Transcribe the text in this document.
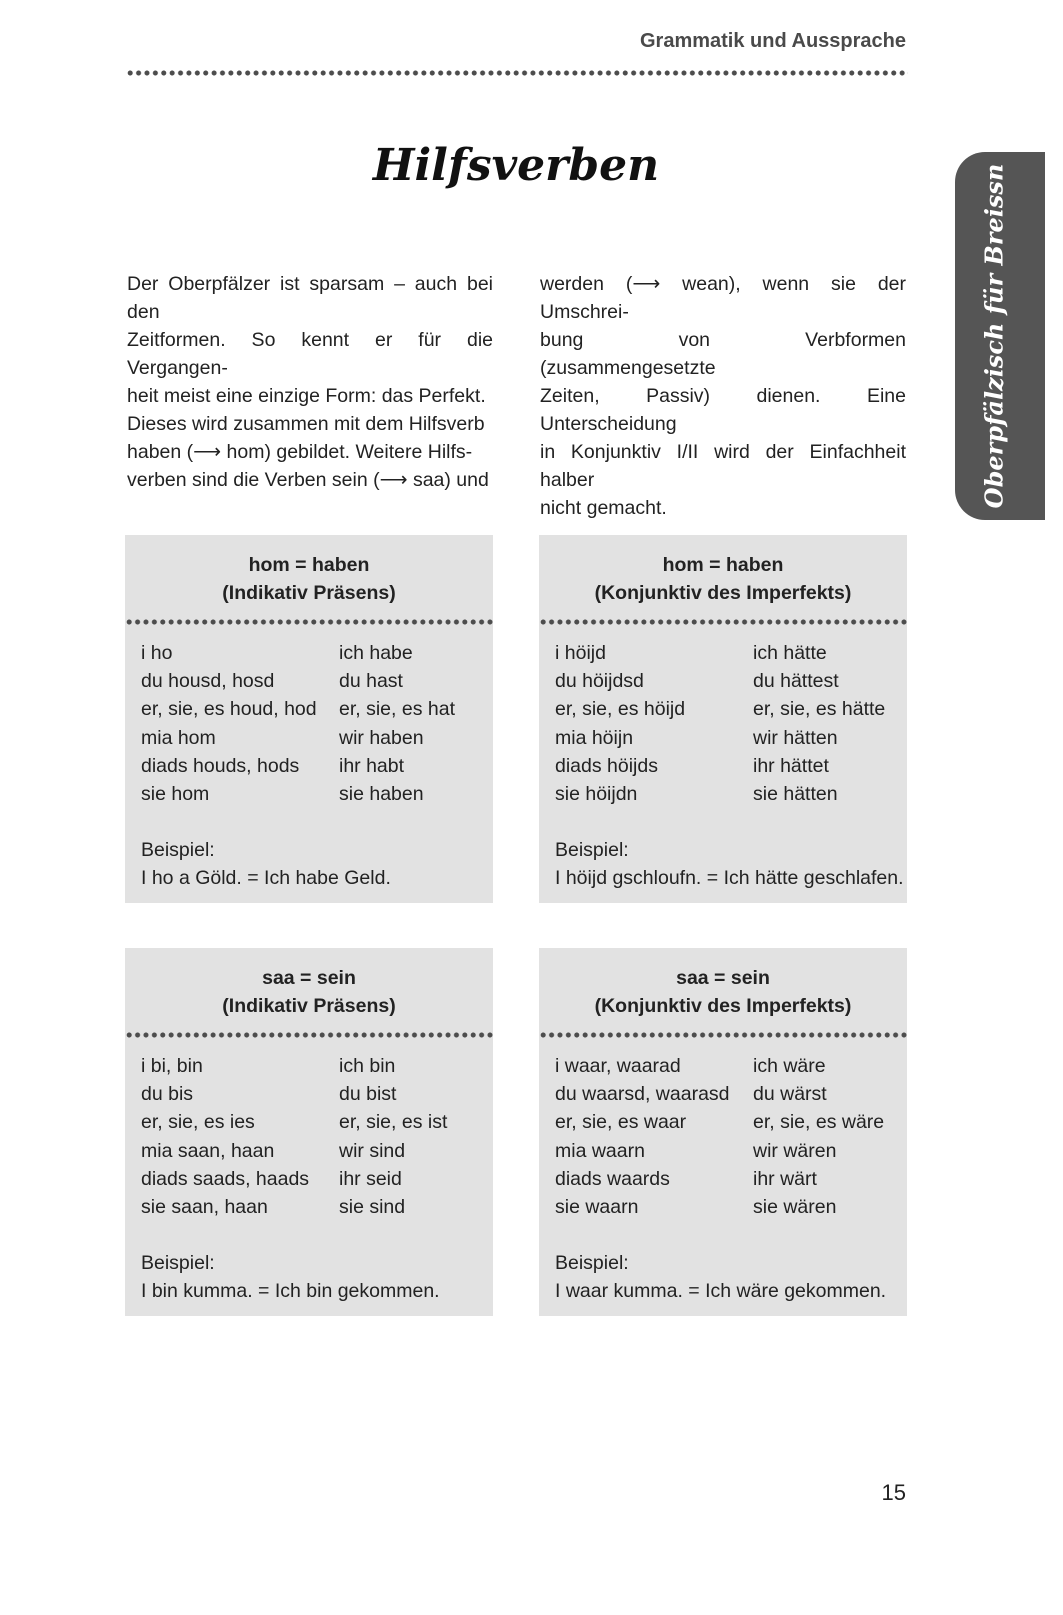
Grammatik und Aussprache
Hilfsverben	Oberpfälzisch für Breissn

Der Oberpfälzer ist sparsam – auch bei den

Zeitformen. So kennt er für die Vergangen-

heit meist eine einzige Form: das Perfekt.

Dieses wird zusammen mit dem Hilfsverb

haben (⟶ hom) gebildet. Weitere Hilfs-

verben sind die Verben sein (⟶ saa) und

werden (⟶ wean), wenn sie der Umschrei-

bung von Verbformen (zusammengesetzte

Zeiten, Passiv) dienen. Eine Unterscheidung

in Konjunktiv I/II wird der Einfachheit halber

nicht gemacht.

hom = haben
(Indikativ Präsens)
i ho	ich habe
du housd, hosd	du hast
er, sie, es houd, hod	er, sie, es hat
mia hom	wir haben
diads houds, hods	ihr habt
sie hom	sie haben
Beispiel:
I ho a Göld. = Ich habe Geld.
hom = haben
(Konjunktiv des Imperfekts)
i höijd	ich hätte
du höijdsd	du hättest
er, sie, es höijd	er, sie, es hätte
mia höijn	wir hätten
diads höijds	ihr hättet
sie höijdn	sie hätten
Beispiel:
I höijd gschloufn. = Ich hätte geschlafen.
saa = sein
(Indikativ Präsens)
i bi, bin	ich bin
du bis	du bist
er, sie, es ies	er, sie, es ist
mia saan, haan	wir sind
diads saads, haads	ihr seid
sie saan, haan	sie sind
Beispiel:
I bin kumma. = Ich bin gekommen.
saa = sein
(Konjunktiv des Imperfekts)
i waar, waarad	ich wäre
du waarsd, waarasd	du wärst
er, sie, es waar	er, sie, es wäre
mia waarn	wir wären
diads waards	ihr wärt
sie waarn	sie wären
Beispiel:
I waar kumma. = Ich wäre gekommen.
15
